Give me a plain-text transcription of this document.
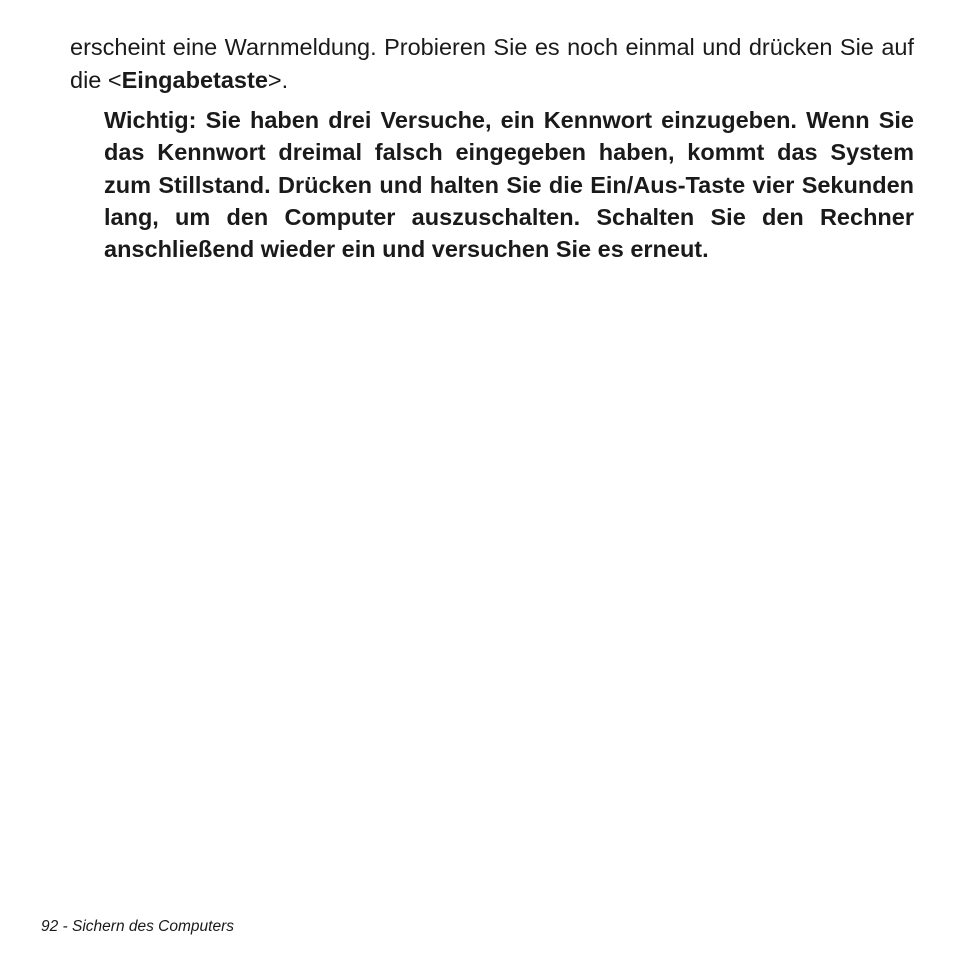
erscheint eine Warnmeldung. Probieren Sie es noch einmal und drücken Sie auf die <Eingabetaste>.

Wichtig: Sie haben drei Versuche, ein Kennwort einzugeben. Wenn Sie das Kennwort dreimal falsch eingegeben haben, kommt das System zum Stillstand. Drücken und halten Sie die Ein/Aus-Taste vier Sekunden lang, um den Computer auszuschalten. Schalten Sie den Rechner anschließend wieder ein und versuchen Sie es erneut.

92 - Sichern des Computers
